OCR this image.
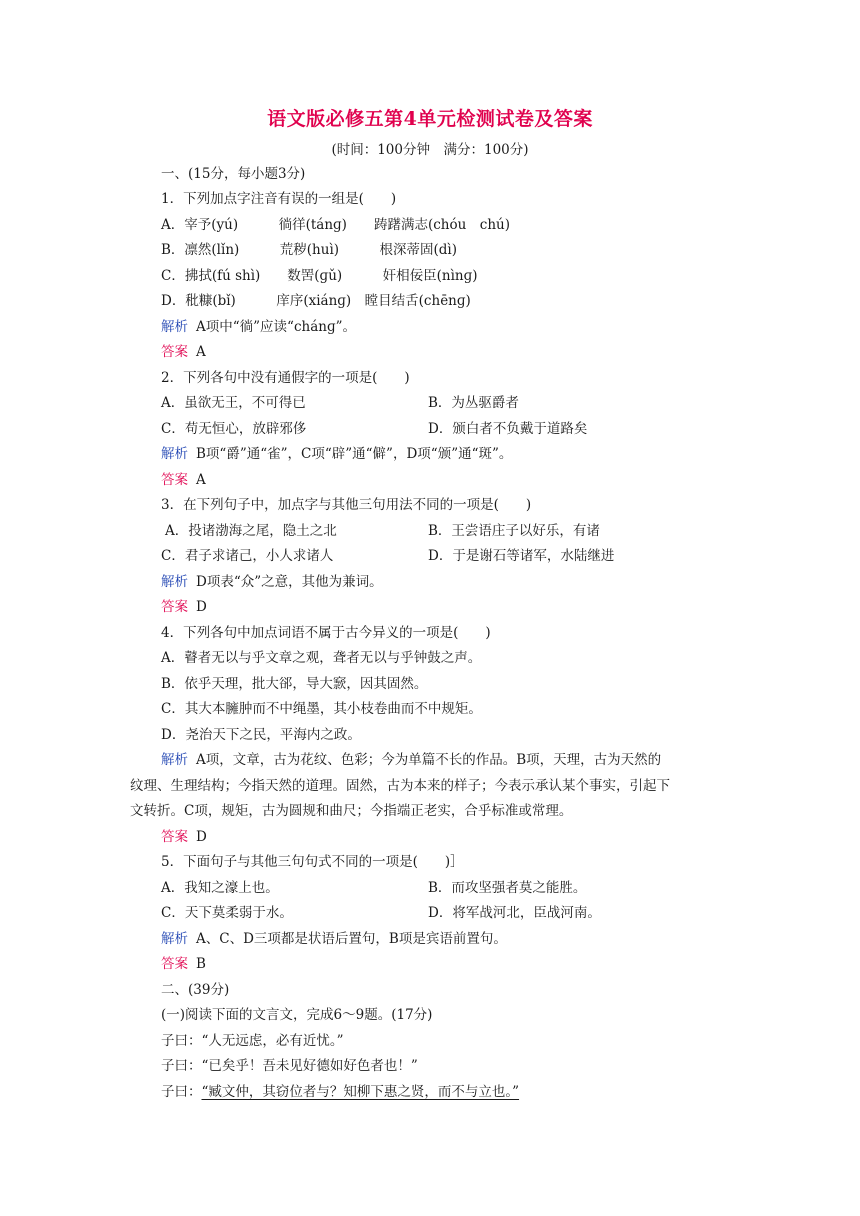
语文版必修五第4单元检测试卷及答案
(时间：100分钟　满分：100分)
一、(15分，每小题3分)
1．下列加点字注音有误的一组是(　　)
A．宰予(yú)　　　徜徉(tánɡ)　　踌躇满志(chóu　chú)
B．凛然(lǐn)　　　荒秽(huì)　　　根深蒂固(dì)
C．拂拭(fú shì)　　数罟(ɡǔ)　　　奸相佞臣(nìnɡ)
D．秕糠(bǐ)　　　庠序(xiánɡ)　瞠目结舌(chēnɡ)
解析 A项中“徜”应读“chánɡ”。
答案 A
2．下列各句中没有通假字的一项是(　　)
A．虽欲无王，不可得已	B．为丛驱爵者
C．苟无恒心，放辟邪侈	D．颁白者不负戴于道路矣
解析 B项“爵”通“雀”，C项“辟”通“僻”，D项“颁”通“斑”。
答案 A
3．在下列句子中，加点字与其他三句用法不同的一项是(　　)
A．投诸渤海之尾，隐土之北	B．王尝语庄子以好乐，有诸
C．君子求诸己，小人求诸人	D．于是谢石等诸军，水陆继进
解析 D项表“众”之意，其他为兼词。
答案 D
4．下列各句中加点词语不属于古今异义的一项是(　　)
A．瞽者无以与乎文章之观，聋者无以与乎钟鼓之声。
B．依乎天理，批大郤，导大窾，因其固然。
C．其大本臃肿而不中绳墨，其小枝卷曲而不中规矩。
D．尧治天下之民，平海内之政。
解析 A项，文章，古为花纹、色彩；今为单篇不长的作品。B项，天理，古为天然的
纹理、生理结构；今指天然的道理。固然，古为本来的样子；今表示承认某个事实，引起下
文转折。C项，规矩，古为圆规和曲尺；今指端正老实，合乎标准或常理。
答案 D
5．下面句子与其他三句句式不同的一项是(　　)］
A．我知之濠上也。	B．而攻坚强者莫之能胜。
C．天下莫柔弱于水。	D．将军战河北，臣战河南。
解析 A、C、D三项都是状语后置句，B项是宾语前置句。
答案 B
二、(39分)
(一)阅读下面的文言文，完成6～9题。(17分)
子曰：“人无远虑，必有近忧。”
子曰：“已矣乎！吾未见好德如好色者也！”
子曰：“臧文仲，其窃位者与？知柳下惠之贤，而不与立也。”
